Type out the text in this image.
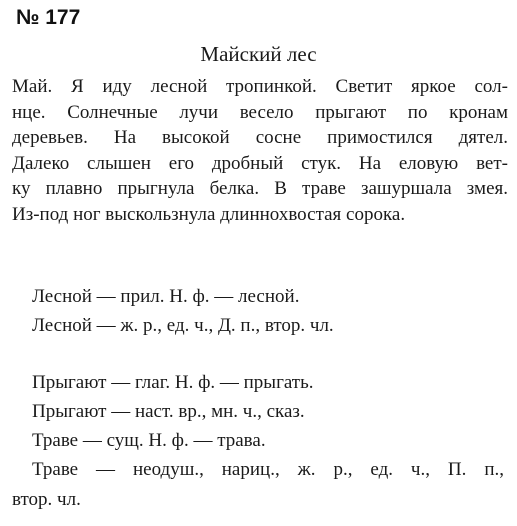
№ 177
Майский лес
Май. Я иду лесной тропинкой. Светит яркое сол-
нце. Солнечные лучи весело прыгают по кронам
деревьев. На высокой сосне примостился дятел.
Далеко слышен его дробный стук. На еловую вет-
ку плавно прыгнула белка. В траве зашуршала змея.
Из-под ног выскользнула длиннохвостая сорока.
Лесной — прил. Н. ф. — лесной.
Лесной — ж. р., ед. ч., Д. п., втор. чл.
Прыгают — глаг. Н. ф. — прыгать.
Прыгают — наст. вр., мн. ч., сказ.
Траве — сущ. Н. ф. — трава.
Траве — неодуш., нариц., ж. р., ед. ч., П. п.,
втор. чл.
